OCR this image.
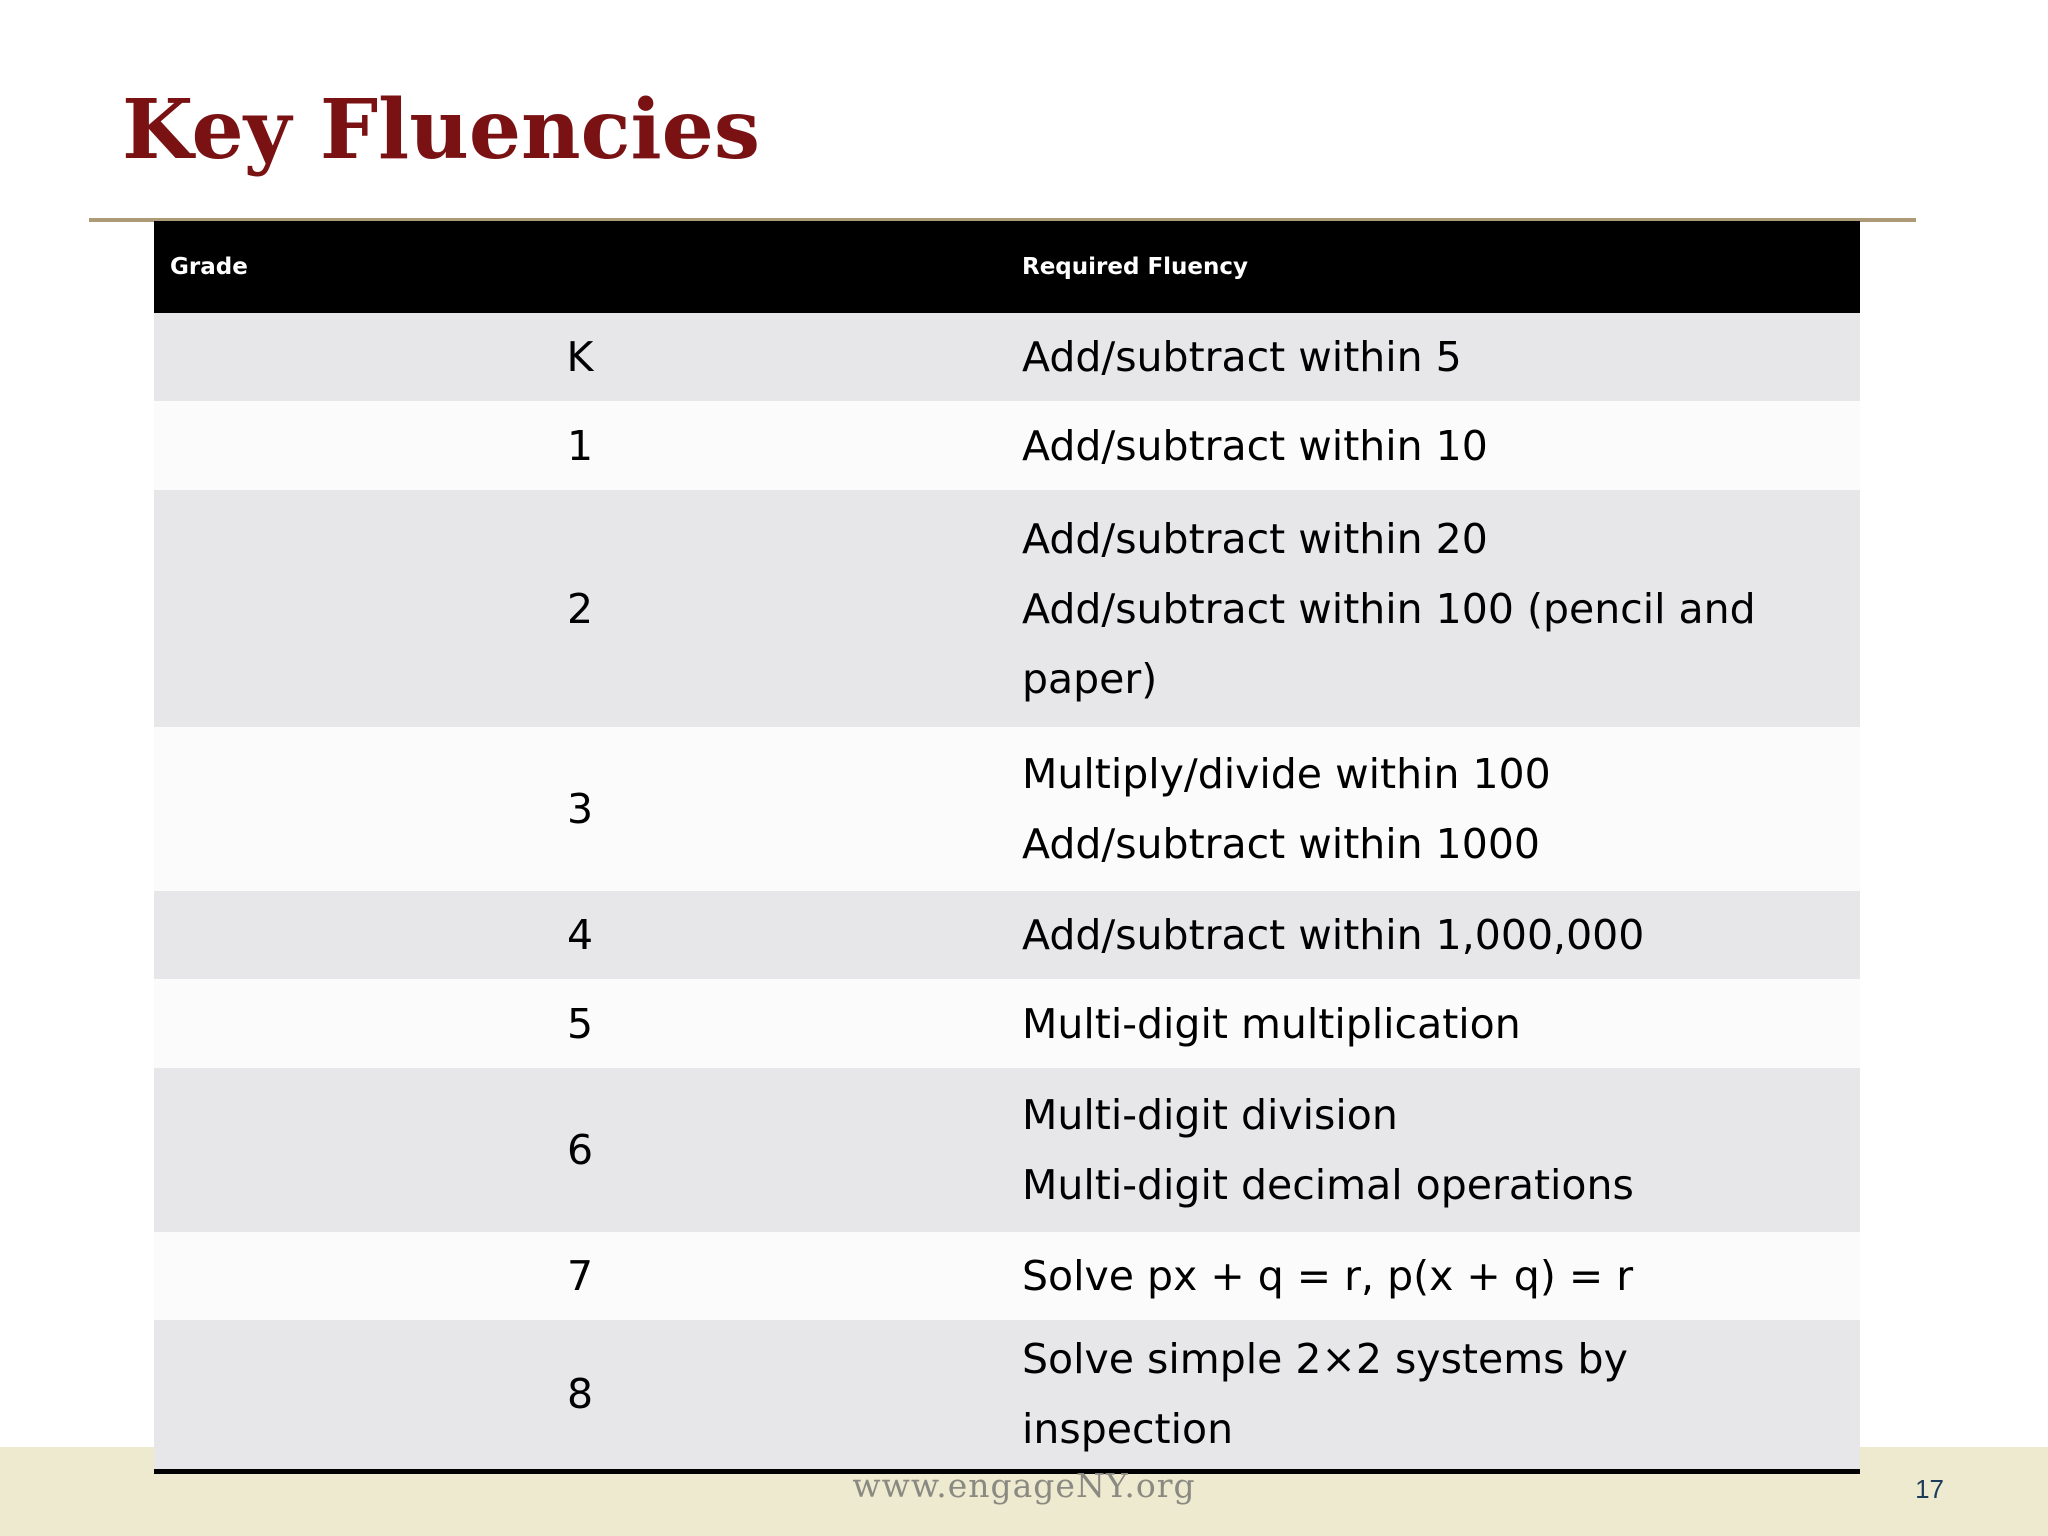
Key Fluencies
Grade	Required Fluency
K	Add/subtract within 5

1	Add/subtract within 10

2	Add/subtract within 20
Add/subtract within 100 (pencil and paper)

3	Multiply/divide within 100
Add/subtract within 1000

4	Add/subtract within 1,000,000

5	Multi-digit multiplication

6	Multi-digit division
Multi-digit decimal operations

7	Solve px + q = r, p(x + q) = r

8	Solve simple 2×2 systems by inspection
www.engageNY.org	17
